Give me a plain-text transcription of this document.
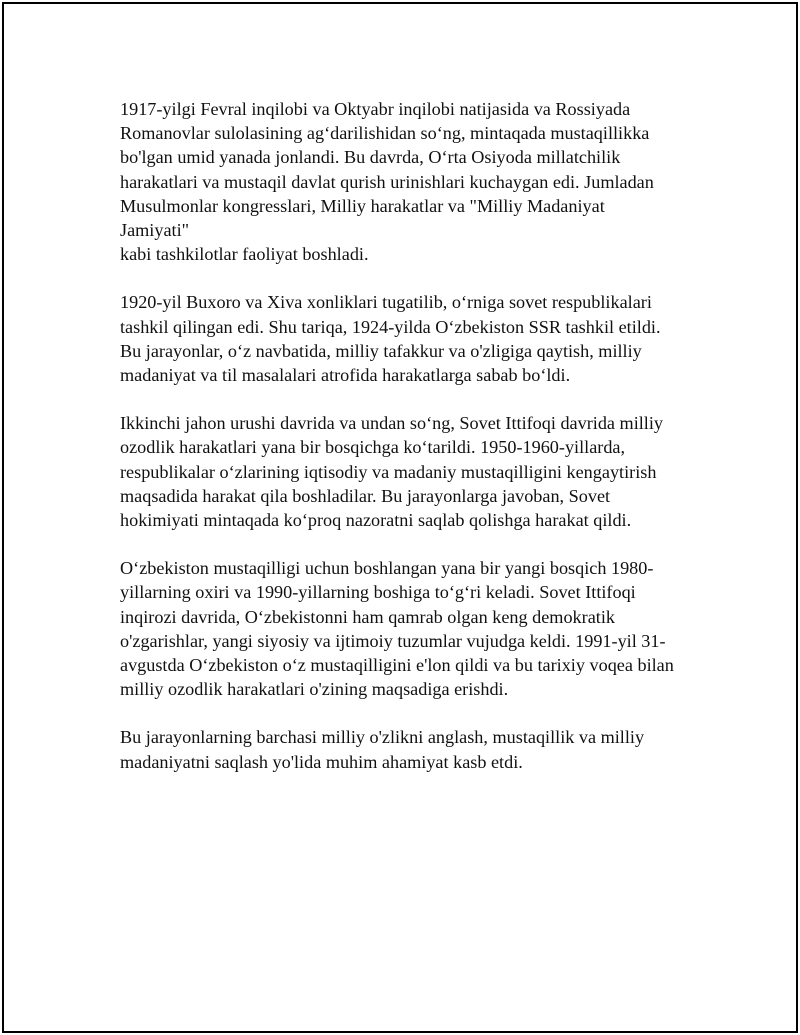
1917-yilgi Fevral inqilobi va Oktyabr inqilobi natijasida va Rossiyada
Romanovlar sulolasining agʻdarilishidan soʻng, mintaqada mustaqillikka
bo'lgan umid yanada jonlandi. Bu davrda, Oʻrta Osiyoda millatchilik
harakatlari va mustaqil davlat qurish urinishlari kuchaygan edi. Jumladan
Musulmonlar kongresslari, Milliy harakatlar va "Milliy Madaniyat Jamiyati"
kabi tashkilotlar faoliyat boshladi.

1920-yil Buxoro va Xiva xonliklari tugatilib, oʻrniga sovet respublikalari
tashkil qilingan edi. Shu tariqa, 1924-yilda Oʻzbekiston SSR tashkil etildi.
Bu jarayonlar, oʻz navbatida, milliy tafakkur va o'zligiga qaytish, milliy
madaniyat va til masalalari atrofida harakatlarga sabab boʻldi.

Ikkinchi jahon urushi davrida va undan soʻng, Sovet Ittifoqi davrida milliy
ozodlik harakatlari yana bir bosqichga koʻtarildi. 1950-1960-yillarda,
respublikalar oʻzlarining iqtisodiy va madaniy mustaqilligini kengaytirish
maqsadida harakat qila boshladilar. Bu jarayonlarga javoban, Sovet
hokimiyati mintaqada koʻproq nazoratni saqlab qolishga harakat qildi.

Oʻzbekiston mustaqilligi uchun boshlangan yana bir yangi bosqich 1980-
yillarning oxiri va 1990-yillarning boshiga toʻgʻri keladi. Sovet Ittifoqi
inqirozi davrida, Oʻzbekistonni ham qamrab olgan keng demokratik
o'zgarishlar, yangi siyosiy va ijtimoiy tuzumlar vujudga keldi. 1991-yil 31-
avgustda Oʻzbekiston oʻz mustaqilligini e'lon qildi va bu tarixiy voqea bilan
milliy ozodlik harakatlari o'zining maqsadiga erishdi.

Bu jarayonlarning barchasi milliy o'zlikni anglash, mustaqillik va milliy
madaniyatni saqlash yo'lida muhim ahamiyat kasb etdi.
